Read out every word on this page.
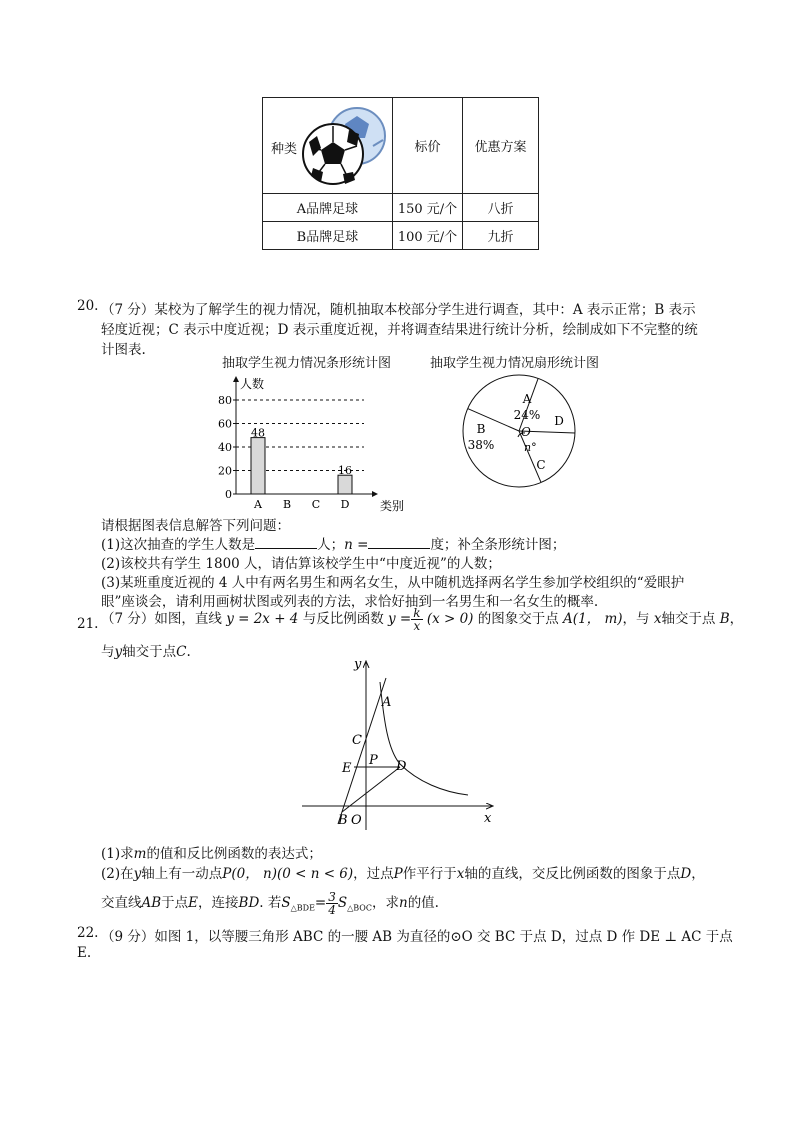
种类	标价	优惠方案
A品牌足球	150 元/个	八折
B品牌足球	100 元/个	九折
20. （7 分）某校为了解学生的视力情况，随机抽取本校部分学生进行调查，其中：A 表示正常；B 表示
轻度近视；C 表示中度近视；D 表示重度近视，并将调查结果进行统计分析，绘制成如下不完整的统
计图表.
抽取学生视力情况条形统计图	抽取学生视力情况扇形统计图
人数
类别
0
20
40
60
80
A
48
B C D
16
O
n°
A
24%
B
38%
C
D
请根据图表信息解答下列问题：
(1)这次抽查的学生人数是	人；n =	度；补全条形统计图；
(2)该校共有学生 1800 人，请估算该校学生中“中度近视”的人数；
(3)某班重度近视的 4 人中有两名男生和两名女生，从中随机选择两名学生参加学校组织的“爱眼护
眼”座谈会，请利用画树状图或列表的方法，求恰好抽到一名男生和一名女生的概率.
21. （7 分）如图，直线 y = 2x + 4 与反比例函数 $y = \frac{k}{x} (x > 0)$ 的图象交于点 A(1， m)，与 x轴交于点 B，
与y轴交于点C.
y
x
A
C
E
P D
B O
(1)求m的值和反比例函数的表达式；
(2)在y轴上有一动点P(0， n)(0 < n < 6)，过点P作平行于x轴的直线，交反比例函数的图象于点D，
交直线AB于点E，连接BD. 若$S_{\triangle BDE}= \frac{3}{4} S_{\triangle BOC}$，求n的值.
22. （9 分）如图 1，以等腰三角形 ABC 的一腰 AB 为直径的⊙O 交 BC 于点 D，过点 D 作 DE ⊥ AC 于点
E.
